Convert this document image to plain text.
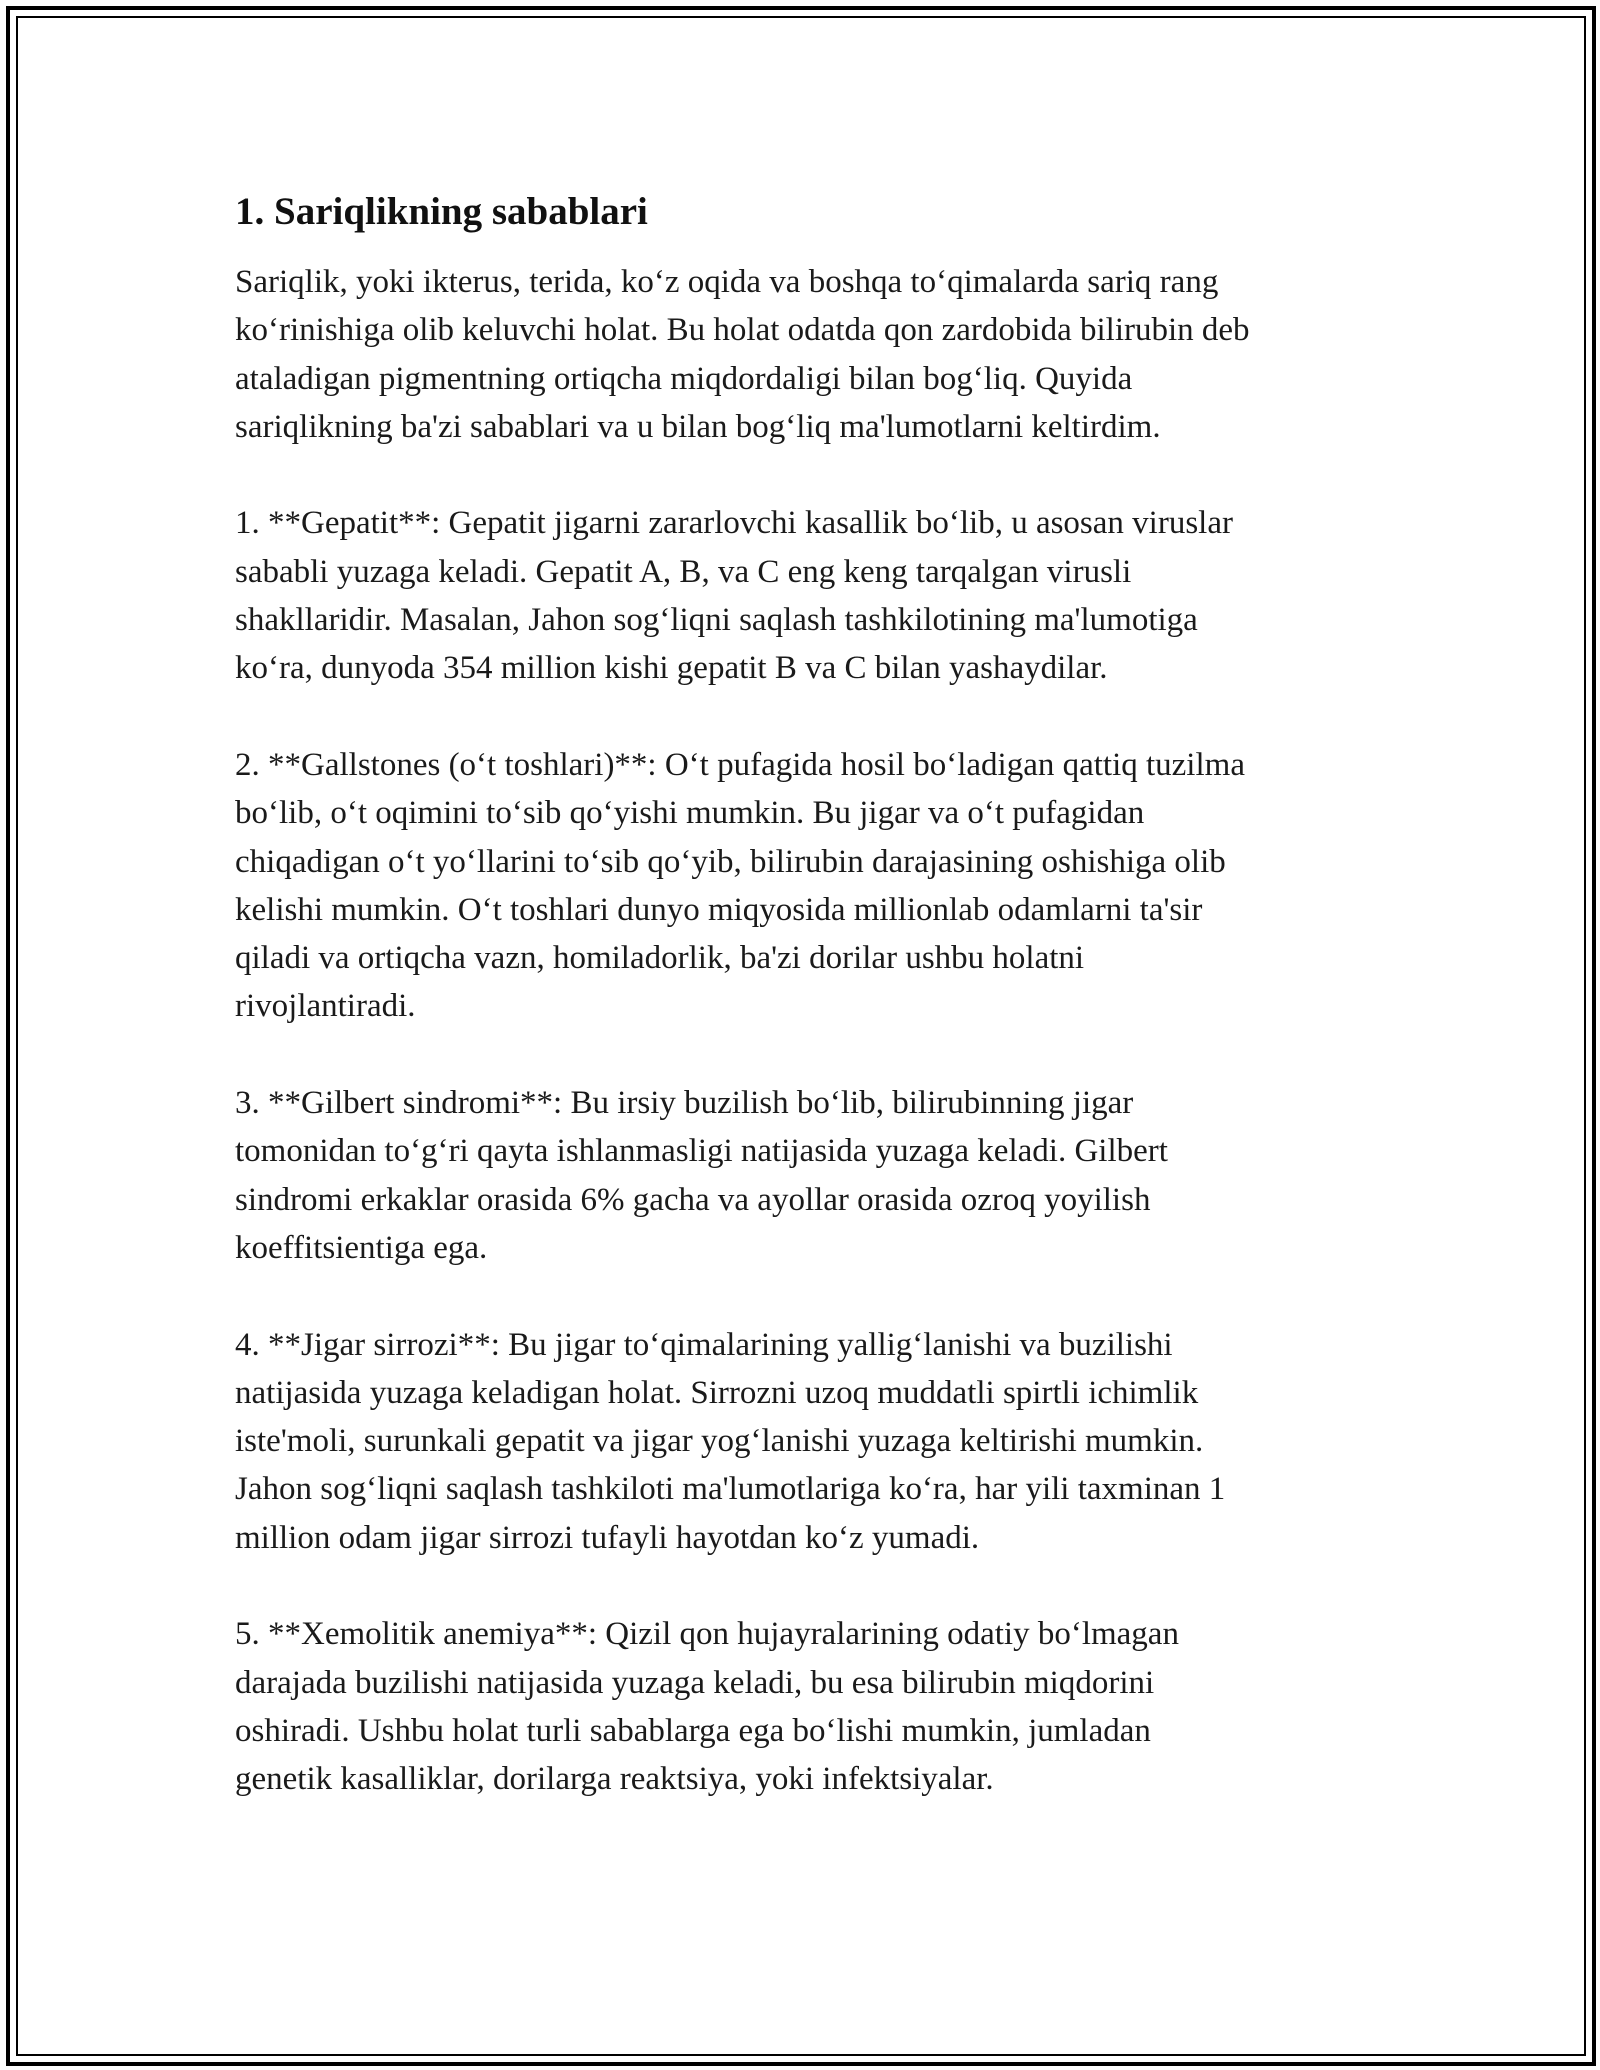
1. Sariqlikning sabablari

Sariqlik, yoki ikterus, terida, ko‘z oqida va boshqa to‘qimalarda sariq rang
ko‘rinishiga olib keluvchi holat. Bu holat odatda qon zardobida bilirubin deb
ataladigan pigmentning ortiqcha miqdordaligi bilan bog‘liq. Quyida
sariqlikning ba'zi sabablari va u bilan bog‘liq ma'lumotlarni keltirdim.

1. **Gepatit**: Gepatit jigarni zararlovchi kasallik bo‘lib, u asosan viruslar
sababli yuzaga keladi. Gepatit A, B, va C eng keng tarqalgan virusli
shakllaridir. Masalan, Jahon sog‘liqni saqlash tashkilotining ma'lumotiga
ko‘ra, dunyoda 354 million kishi gepatit B va C bilan yashaydilar.

2. **Gallstones (o‘t toshlari)**: O‘t pufagida hosil bo‘ladigan qattiq tuzilma
bo‘lib, o‘t oqimini to‘sib qo‘yishi mumkin. Bu jigar va o‘t pufagidan
chiqadigan o‘t yo‘llarini to‘sib qo‘yib, bilirubin darajasining oshishiga olib
kelishi mumkin. O‘t toshlari dunyo miqyosida millionlab odamlarni ta'sir
qiladi va ortiqcha vazn, homiladorlik, ba'zi dorilar ushbu holatni
rivojlantiradi.

3. **Gilbert sindromi**: Bu irsiy buzilish bo‘lib, bilirubinning jigar
tomonidan to‘g‘ri qayta ishlanmasligi natijasida yuzaga keladi. Gilbert
sindromi erkaklar orasida 6% gacha va ayollar orasida ozroq yoyilish
koeffitsientiga ega.

4. **Jigar sirrozi**: Bu jigar to‘qimalarining yallig‘lanishi va buzilishi
natijasida yuzaga keladigan holat. Sirrozni uzoq muddatli spirtli ichimlik
iste'moli, surunkali gepatit va jigar yog‘lanishi yuzaga keltirishi mumkin.
Jahon sog‘liqni saqlash tashkiloti ma'lumotlariga ko‘ra, har yili taxminan 1
million odam jigar sirrozi tufayli hayotdan ko‘z yumadi.

5. **Xemolitik anemiya**: Qizil qon hujayralarining odatiy bo‘lmagan
darajada buzilishi natijasida yuzaga keladi, bu esa bilirubin miqdorini
oshiradi. Ushbu holat turli sabablarga ega bo‘lishi mumkin, jumladan
genetik kasalliklar, dorilarga reaktsiya, yoki infektsiyalar.
